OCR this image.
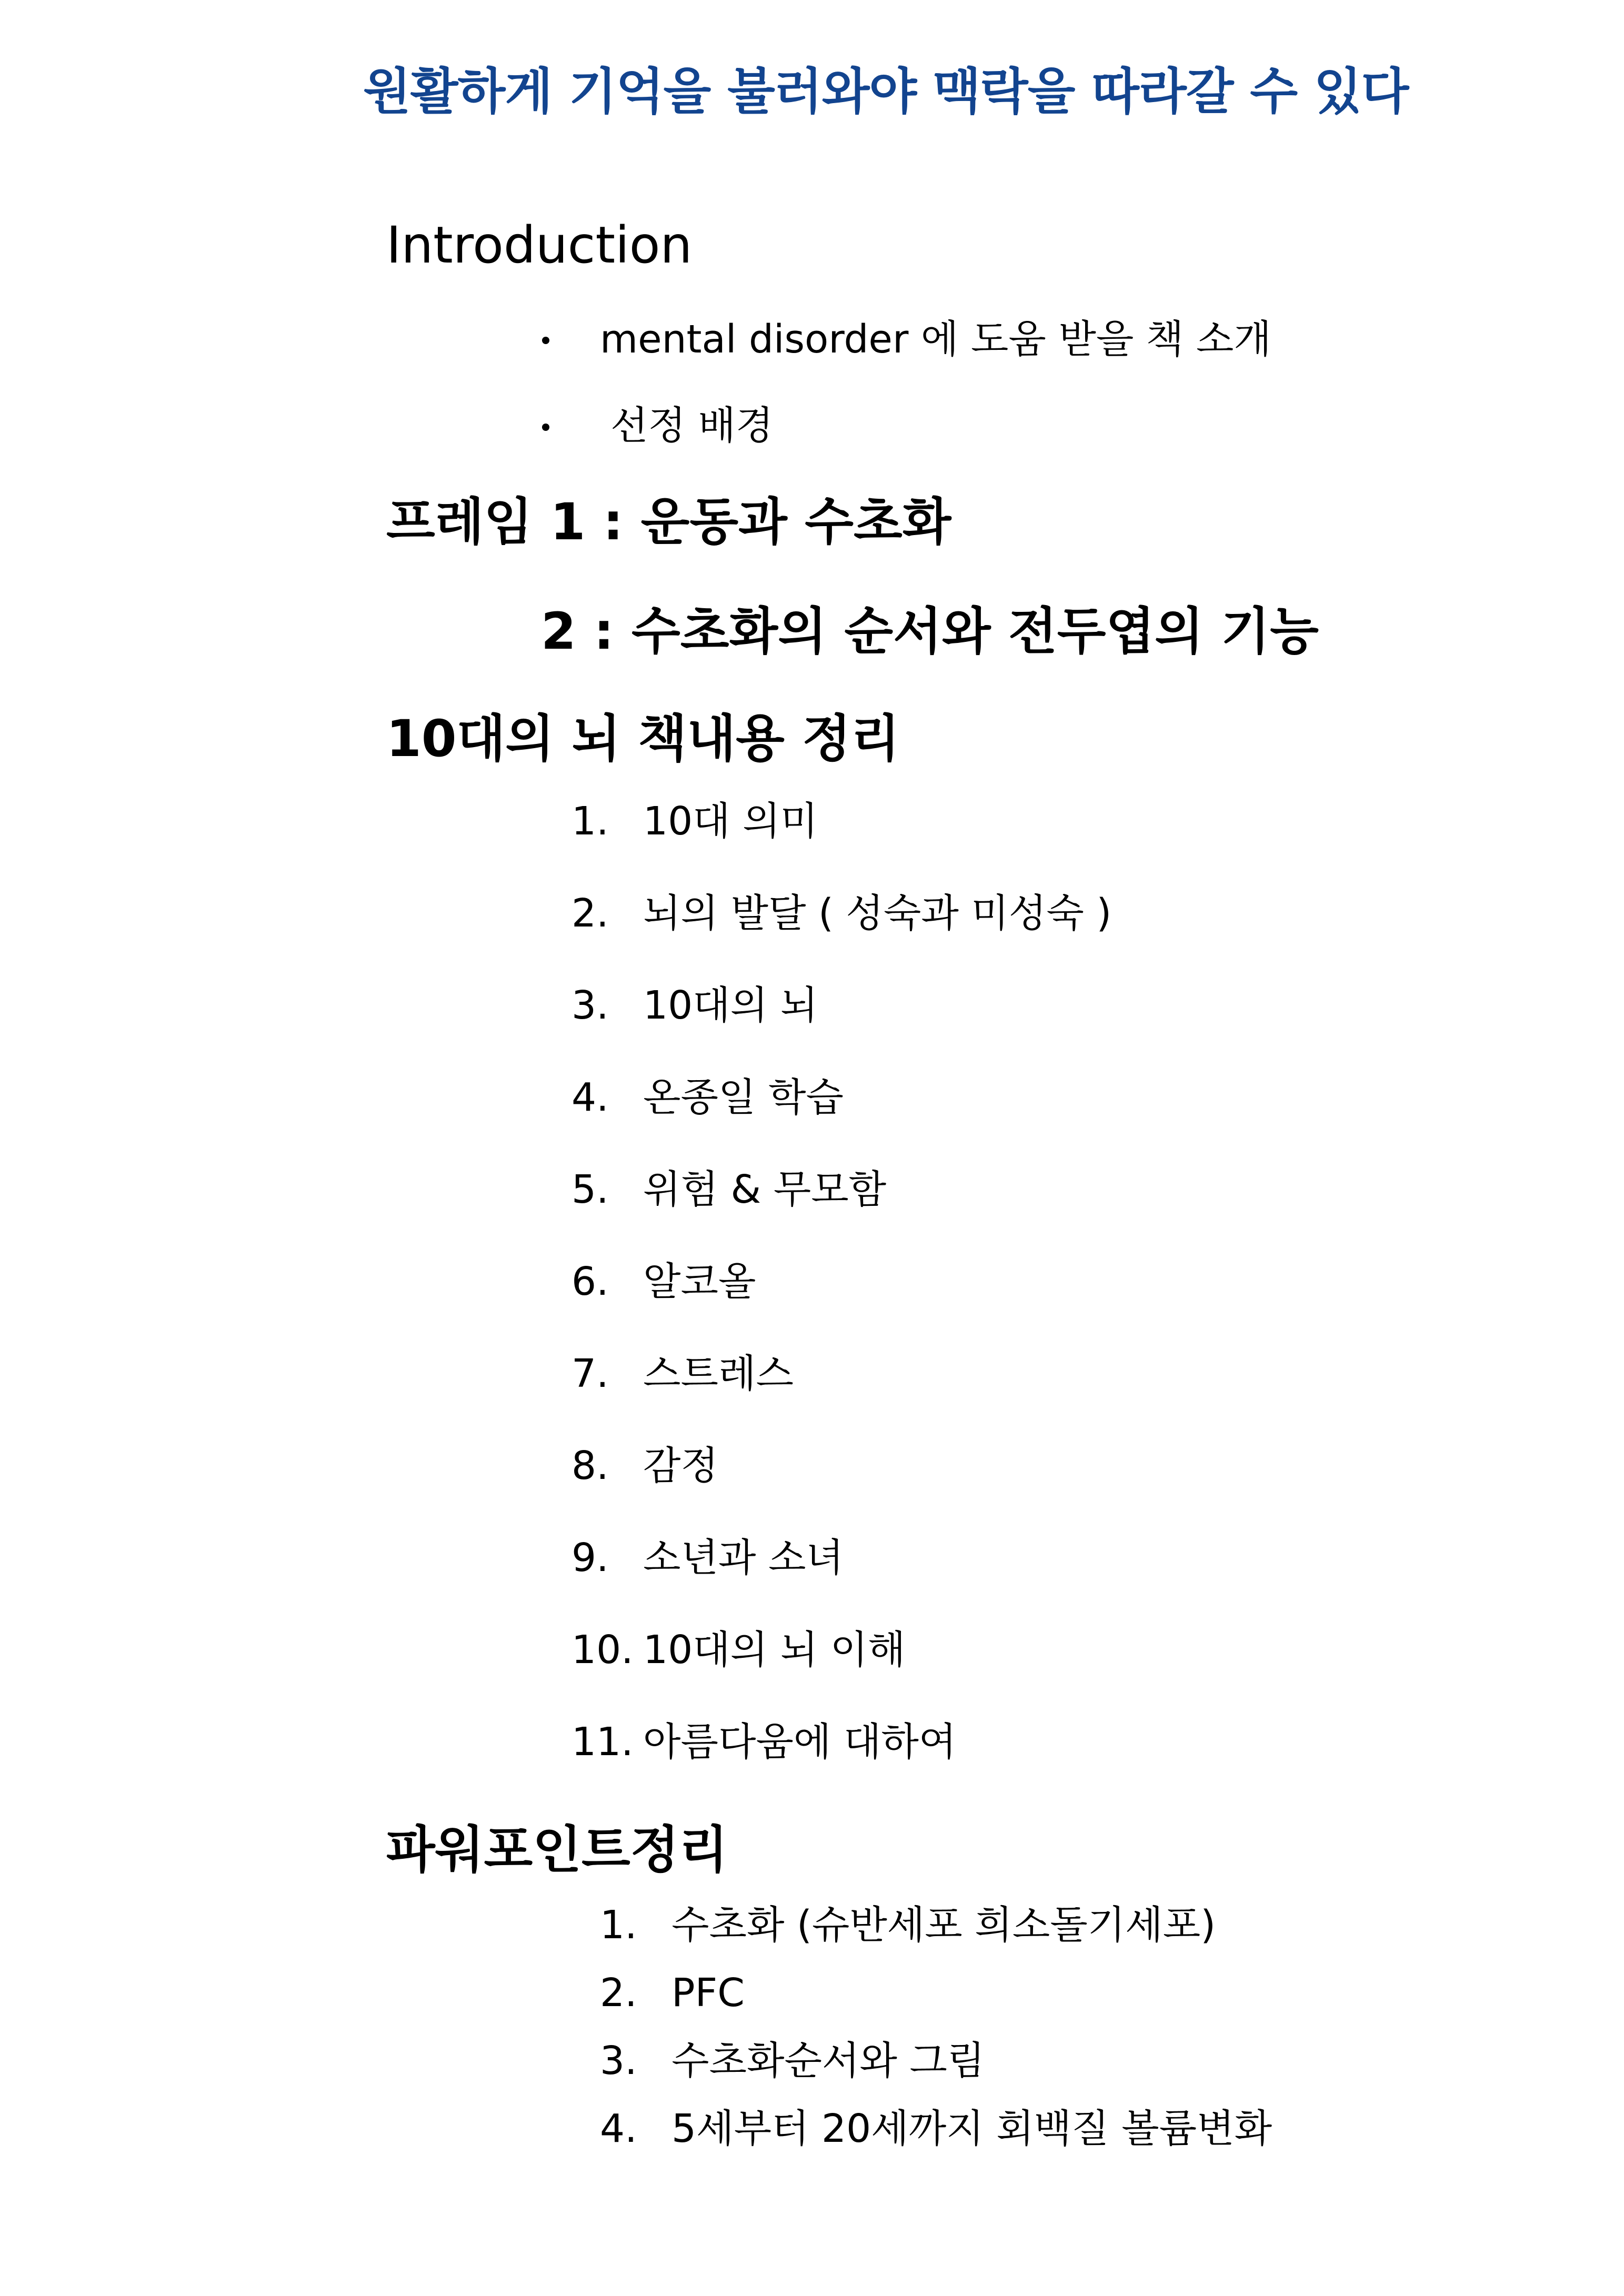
원활하게 기억을 불러와야 맥락을 따라갈 수 있다
Introduction
mental disorder 에 도움 받을 책 소개
선정 배경
프레임 1 : 운동과 수초화
2 : 수초화의 순서와 전두엽의 기능
10대의 뇌 책내용 정리
1. 10대 의미
2. 뇌의 발달 ( 성숙과 미성숙 )
3. 10대의 뇌
4. 온종일 학습
5. 위험 & 무모함
6. 알코올
7. 스트레스
8. 감정
9. 소년과 소녀
10. 10대의 뇌 이해
11. 아름다움에 대하여
파워포인트정리
1. 수초화 (슈반세포 희소돌기세포)
2. PFC
3. 수초화순서와 그림
4. 5세부터 20세까지 회백질 볼륨변화
